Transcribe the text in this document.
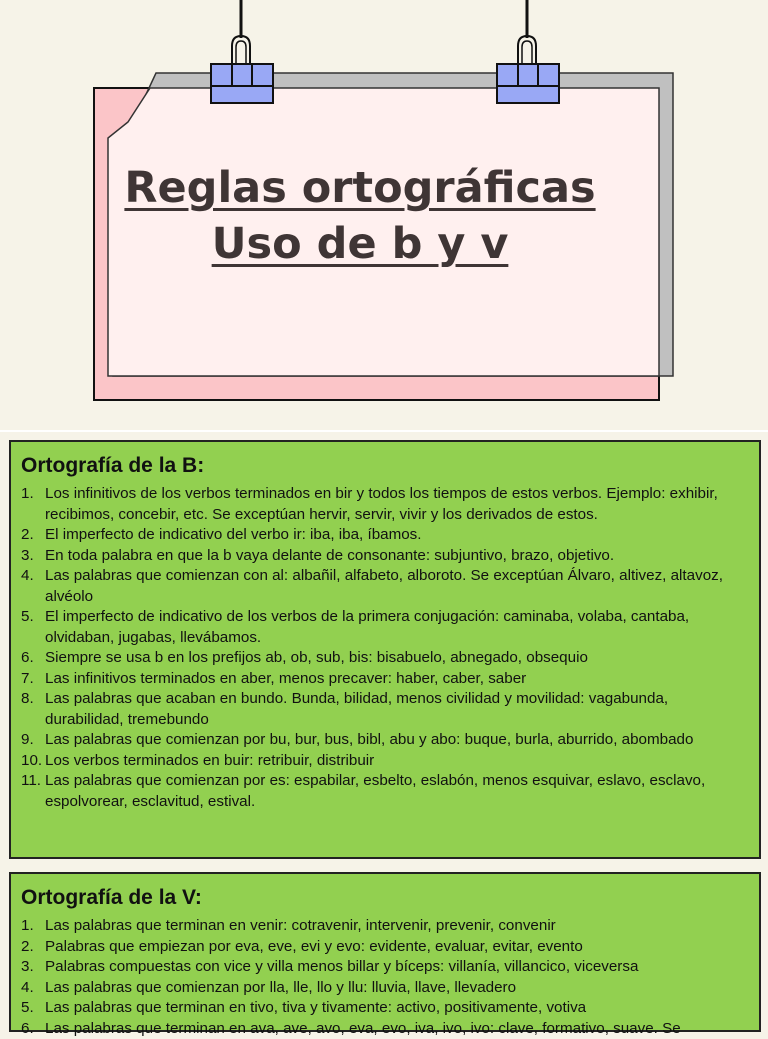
Reglas ortográficas
Uso de b y v
Ortografía de la B:
1. Los infinitivos de los verbos terminados en bir y todos los tiempos de estos verbos. Ejemplo: exhibir, recibimos, concebir, etc. Se exceptúan hervir, servir, vivir y los derivados de estos.
2. El imperfecto de indicativo del verbo ir: iba, iba, íbamos.
3. En toda palabra en que la b vaya delante de consonante: subjuntivo, brazo, objetivo.
4. Las palabras que comienzan con al: albañil, alfabeto, alboroto. Se exceptúan Álvaro, altivez, altavoz, alvéolo
5. El imperfecto de indicativo de los verbos de la primera conjugación: caminaba, volaba, cantaba, olvidaban, jugabas, llevábamos.
6. Siempre se usa b en los prefijos ab, ob, sub, bis: bisabuelo, abnegado, obsequio
7. Las infinitivos terminados en aber, menos precaver: haber, caber, saber
8. Las palabras que acaban en bundo. Bunda, bilidad, menos civilidad y movilidad: vagabunda, durabilidad, tremebundo
9. Las palabras que comienzan por bu, bur, bus, bibl, abu y abo: buque, burla, aburrido, abombado
10. Los verbos terminados en buir: retribuir, distribuir
11. Las palabras que comienzan por es: espabilar, esbelto, eslabón, menos esquivar, eslavo, esclavo, espolvorear, esclavitud, estival.
Ortografía de la V:
1. Las palabras que terminan en venir: cotravenir, intervenir, prevenir, convenir
2. Palabras que empiezan por eva, eve, evi y evo: evidente, evaluar, evitar, evento
3. Palabras compuestas con vice y villa menos billar y bíceps: villanía, villancico, viceversa
4. Las palabras que comienzan por lla, lle, llo y llu: lluvia, llave, llevadero
5. Las palabras que terminan en tivo, tiva y tivamente: activo, positivamente, votiva
6. Las palabras que terminan en ava, ave, avo, eva, evo, iva, ivo, ivo: clave, formativo, suave. Se
